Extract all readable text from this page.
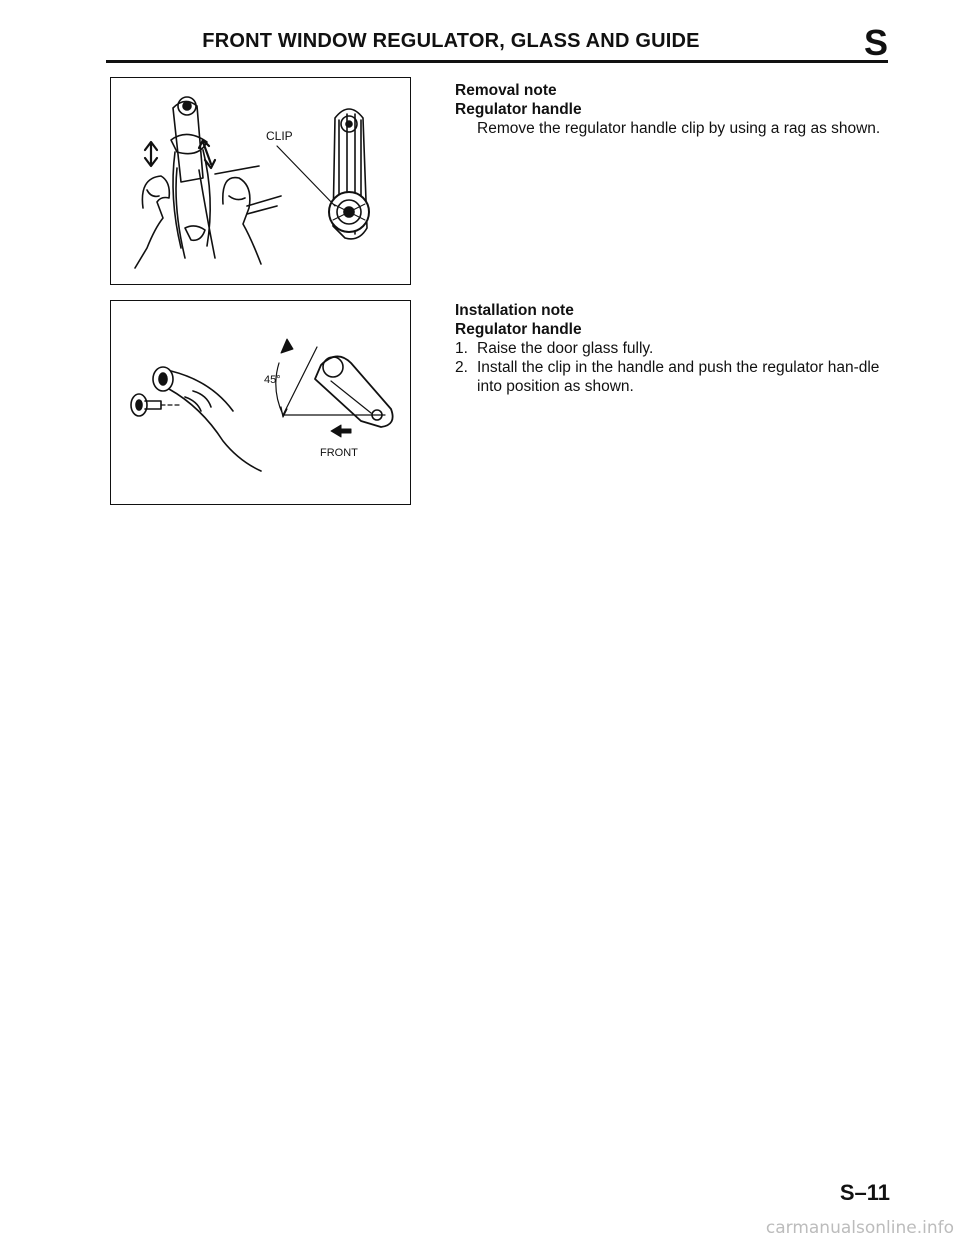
FRONT WINDOW REGULATOR, GLASS AND GUIDE	S
CLIP
45°
FRONT
Removal note
Regulator handle
Remove the regulator handle clip by using a rag as shown.
Installation note
Regulator handle
1. Raise the door glass fully.
2. Install the clip in the handle and push the regulator han-dle into position as shown.
S–11
carmanualsonline.info
